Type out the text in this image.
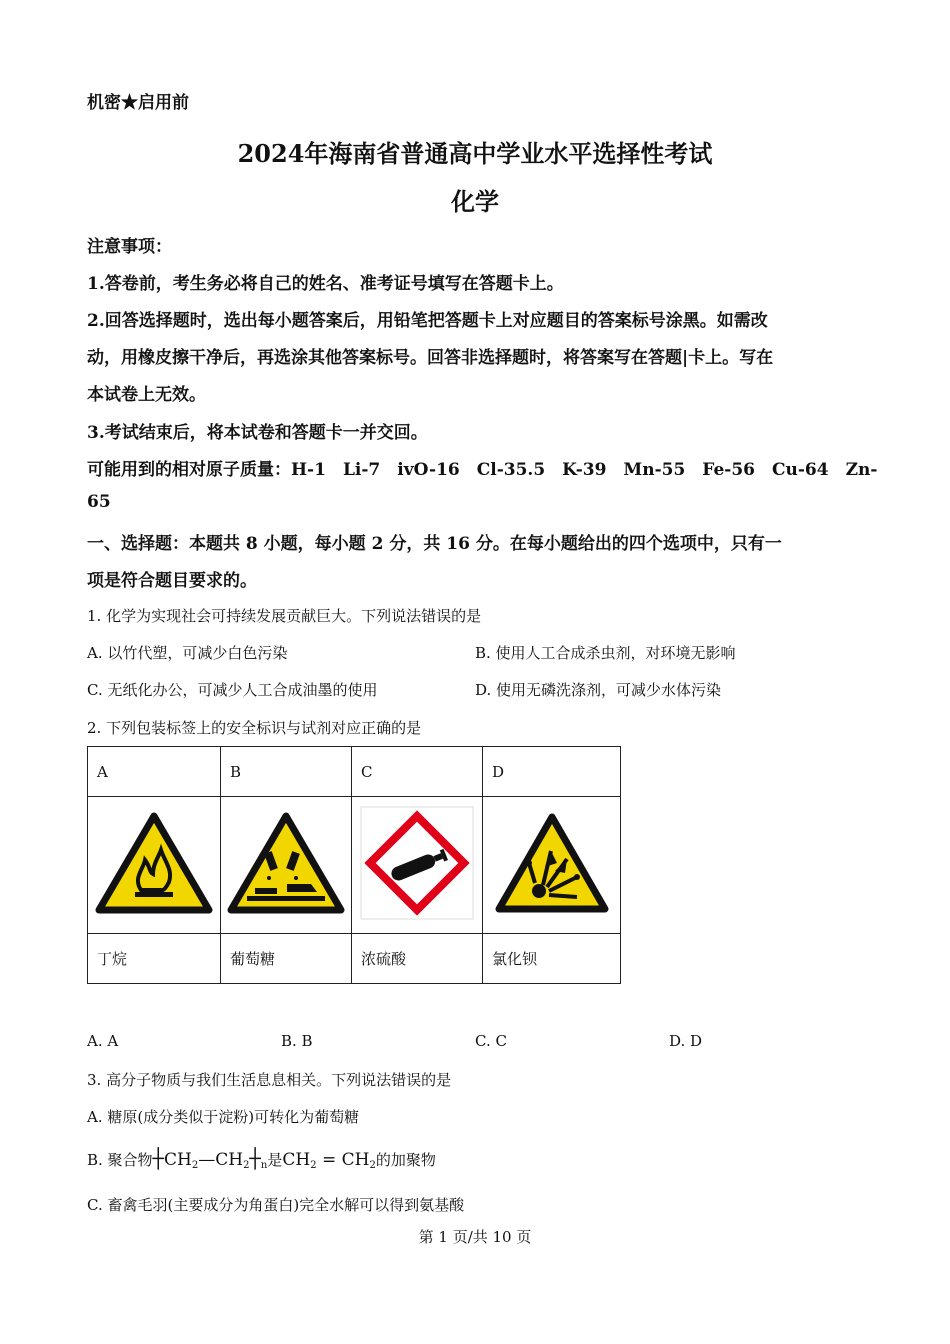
机密★启用前
2024年海南省普通高中学业水平选择性考试
化学
注意事项：
1.答卷前，考生务必将自己的姓名、准考证号填写在答题卡上。
2.回答选择题时，选出每小题答案后，用铅笔把答题卡上对应题目的答案标号涂黑。如需改
动，用橡皮擦干净后，再选涂其他答案标号。回答非选择题时，将答案写在答题|卡上。写在
本试卷上无效。
3.考试结束后，将本试卷和答题卡一并交回。
可能用到的相对原子质量：H-1　Li-7　ivO-16　Cl-35.5　K-39　Mn-55　Fe-56　Cu-64　Zn-
65
一、选择题：本题共 8 小题，每小题 2 分，共 16 分。在每小题给出的四个选项中，只有一
项是符合题目要求的。
1. 化学为实现社会可持续发展贡献巨大。下列说法错误的是
A. 以竹代塑，可减少白色污染	B. 使用人工合成杀虫剂，对环境无影响
C. 无纸化办公，可减少人工合成油墨的使用	D. 使用无磷洗涤剂，可减少水体污染
2. 下列包装标签上的安全标识与试剂对应正确的是
A	B	C	D

丁烷	葡萄糖	浓硫酸	氯化钡
A. A	B. B	C. C	D. D
3. 高分子物质与我们生活息息相关。下列说法错误的是
A. 糖原(成分类似于淀粉)可转化为葡萄糖
B. 聚合物$┼CH_2—CH_2┼_n$是$CH_2 = CH_2$的加聚物
C. 畜禽毛羽(主要成分为角蛋白)完全水解可以得到氨基酸
第 1 页/共 10 页
